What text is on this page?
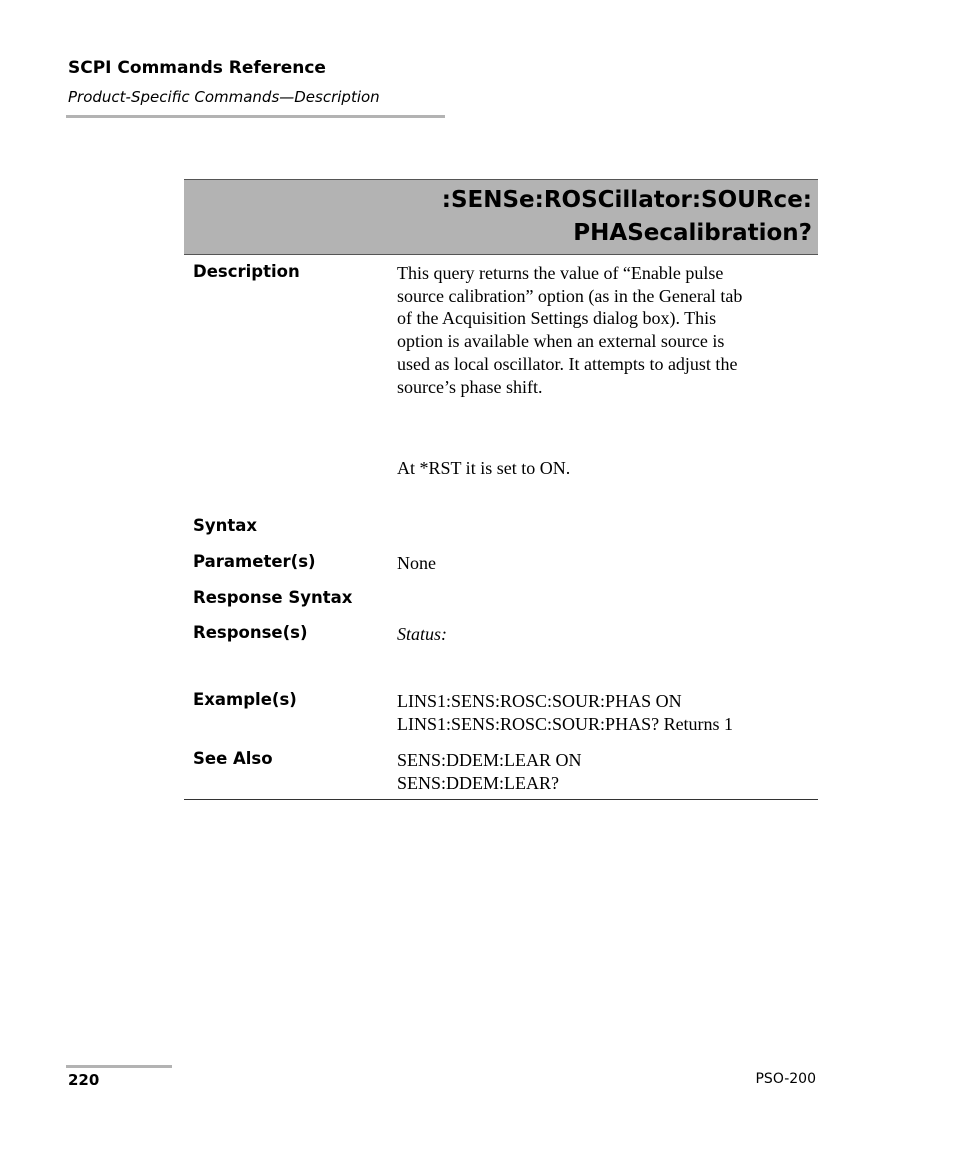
SCPI Commands Reference
Product-Specific Commands—Description
:SENSe:ROSCillator:SOURce:
PHASecalibration?
Description	This query returns the value of “Enable pulse
source calibration” option (as in the General tab
of the Acquisition Settings dialog box). This
option is available when an external source is
used as local oscillator. It attempts to adjust the
source’s phase shift.
At *RST it is set to ON.
Syntax
Parameter(s)	None
Response Syntax
Response(s)	Status:
Example(s)	LINS1:SENS:ROSC:SOUR:PHAS ON
LINS1:SENS:ROSC:SOUR:PHAS? Returns 1
See Also	SENS:DDEM:LEAR ON
SENS:DDEM:LEAR?
220	PSO-200
